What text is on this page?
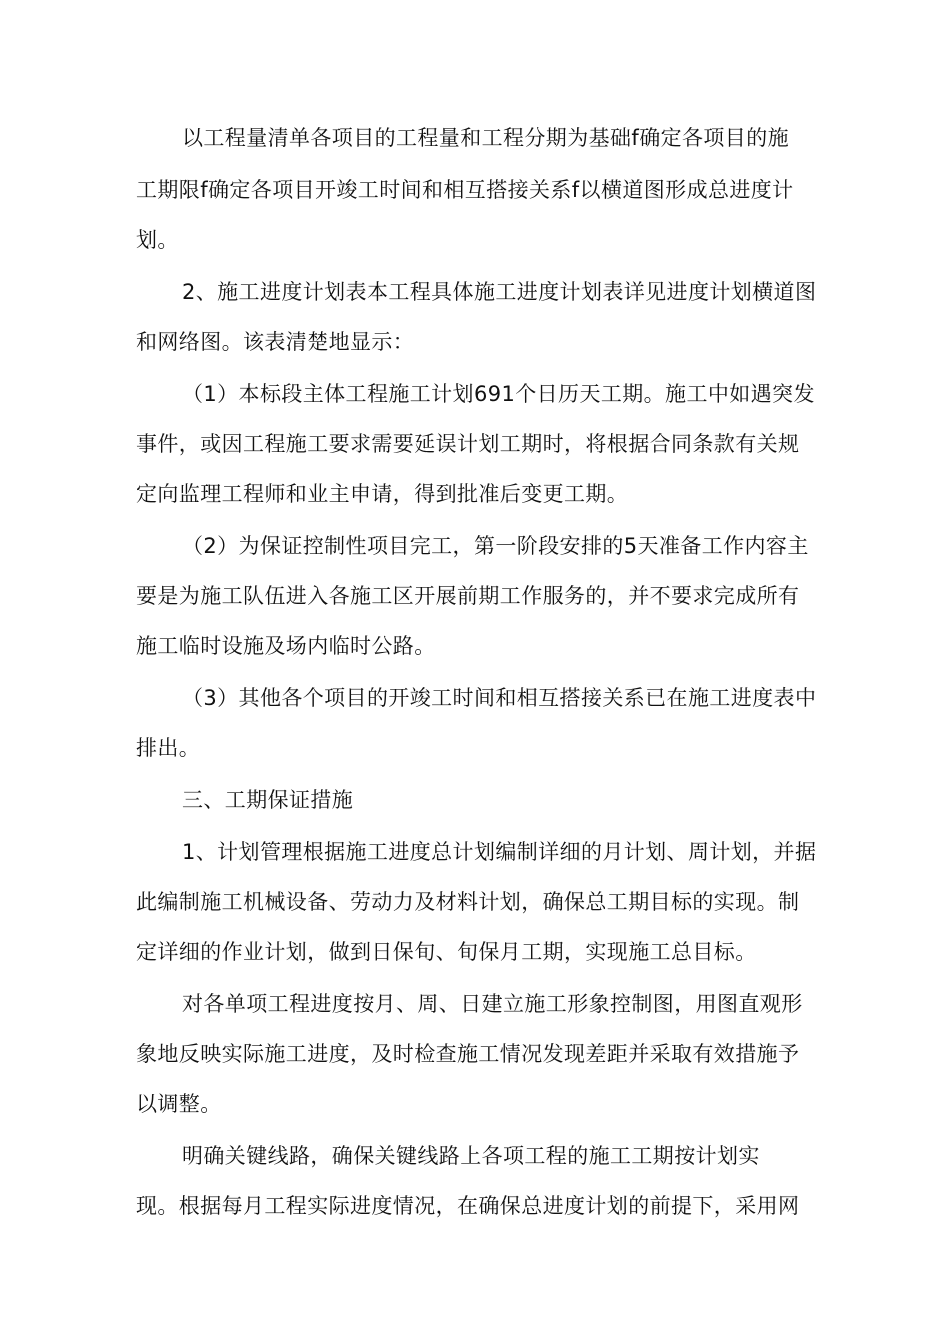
以工程量清单各项目的工程量和工程分期为基础f确定各项目的施
工期限f确定各项目开竣工时间和相互搭接关系f以横道图形成总进度计
划。
2、施工进度计划表本工程具体施工进度计划表详见进度计划横道图
和网络图。该表清楚地显示：
（1）本标段主体工程施工计划691个日历天工期。施工中如遇突发
事件，或因工程施工要求需要延误计划工期时，将根据合同条款有关规
定向监理工程师和业主申请，得到批准后变更工期。
（2）为保证控制性项目完工，第一阶段安排的5天准备工作内容主
要是为施工队伍进入各施工区开展前期工作服务的，并不要求完成所有
施工临时设施及场内临时公路。
（3）其他各个项目的开竣工时间和相互搭接关系已在施工进度表中
排出。
三、工期保证措施
1、计划管理根据施工进度总计划编制详细的月计划、周计划，并据
此编制施工机械设备、劳动力及材料计划，确保总工期目标的实现。制
定详细的作业计划，做到日保旬、旬保月工期，实现施工总目标。
对各单项工程进度按月、周、日建立施工形象控制图，用图直观形
象地反映实际施工进度，及时检查施工情况发现差距并采取有效措施予
以调整。
明确关键线路，确保关键线路上各项工程的施工工期按计划实
现。根据每月工程实际进度情况，在确保总进度计划的前提下，采用网
